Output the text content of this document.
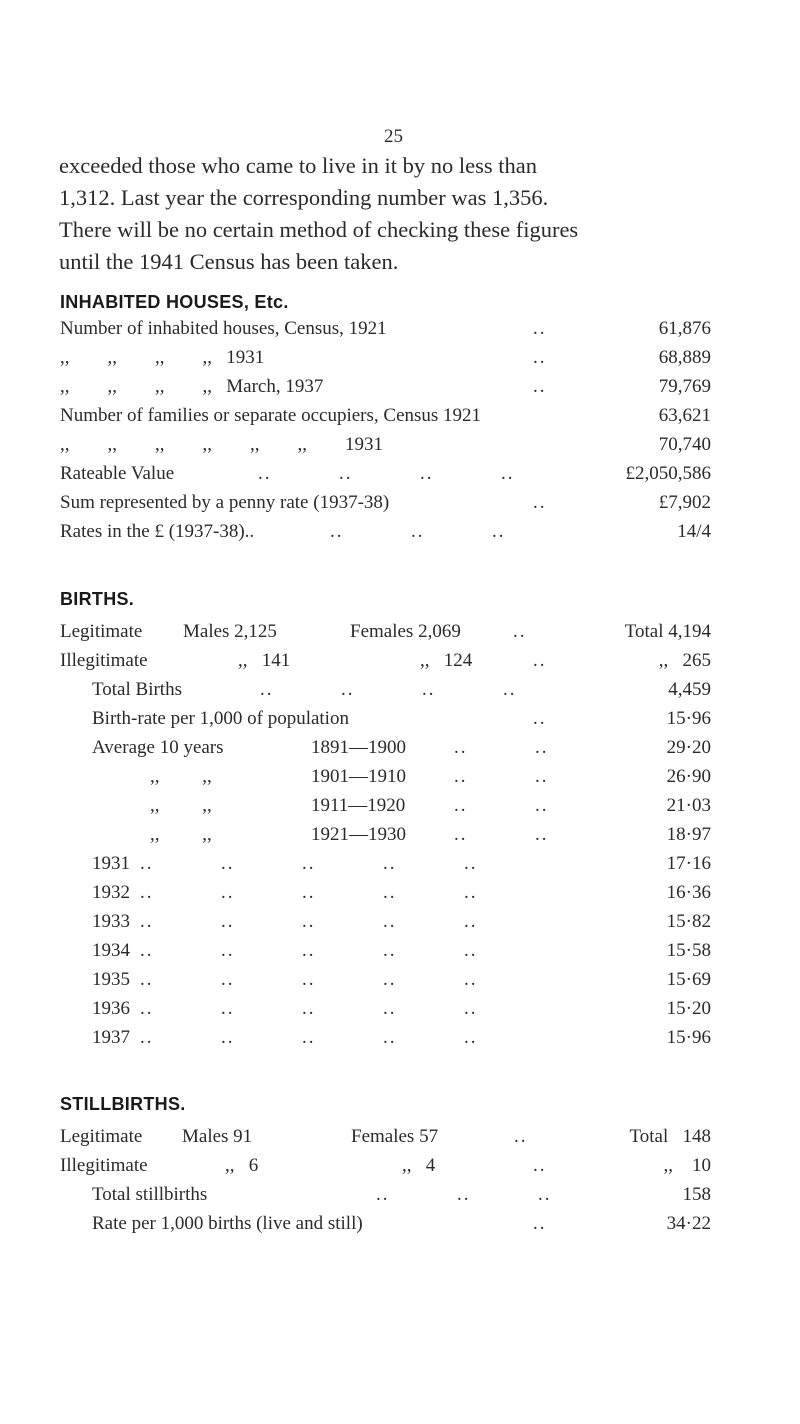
25
exceeded those who came to live in it by no less than
1,312. Last year the corresponding number was 1,356.
There will be no certain method of checking these figures
until the 1941 Census has been taken.
INHABITED HOUSES, Etc.
Number of inhabited houses, Census, 1921	..	61,876
,,        ,,        ,,        ,,   1931	..	68,889
,,        ,,        ,,        ,,   March, 1937	..	79,769
Number of families or separate occupiers, Census 1921	63,621
,,        ,,        ,,        ,,        ,,        ,,        1931	70,740
Rateable Value	..          ..          ..          ..	£2,050,586
Sum represented by a penny rate (1937-38)	..	£7,902
Rates in the £ (1937-38)..	..          ..          ..	14/4
BIRTHS.
Legitimate Males 2,125	Females 2,069	..	Total 4,194
Illegitimate	,,   141	,,   124	..	,,   265
Total Births	..          ..          ..          ..	4,459
Birth-rate per 1,000 of population	..	15·96
Average 10 years	1891—1900	..          ..	29·20
,,         ,,	1901—1910	..          ..	26·90
,,         ,,	1911—1920	..          ..	21·03
,,         ,,	1921—1930	..          ..	18·97
1931 ..          ..          ..          ..          ..	17·16
1932 ..          ..          ..          ..          ..	16·36
1933 ..          ..          ..          ..          ..	15·82
1934 ..          ..          ..          ..          ..	15·58
1935 ..          ..          ..          ..          ..	15·69
1936 ..          ..          ..          ..          ..	15·20
1937 ..          ..          ..          ..          ..	15·96
STILLBIRTHS.
Legitimate Males 91	Females 57	..	Total   148
Illegitimate	,,   6	,,   4	..	,,    10
Total stillbirths	..          ..          ..	158
Rate per 1,000 births (live and still)	..	34·22
